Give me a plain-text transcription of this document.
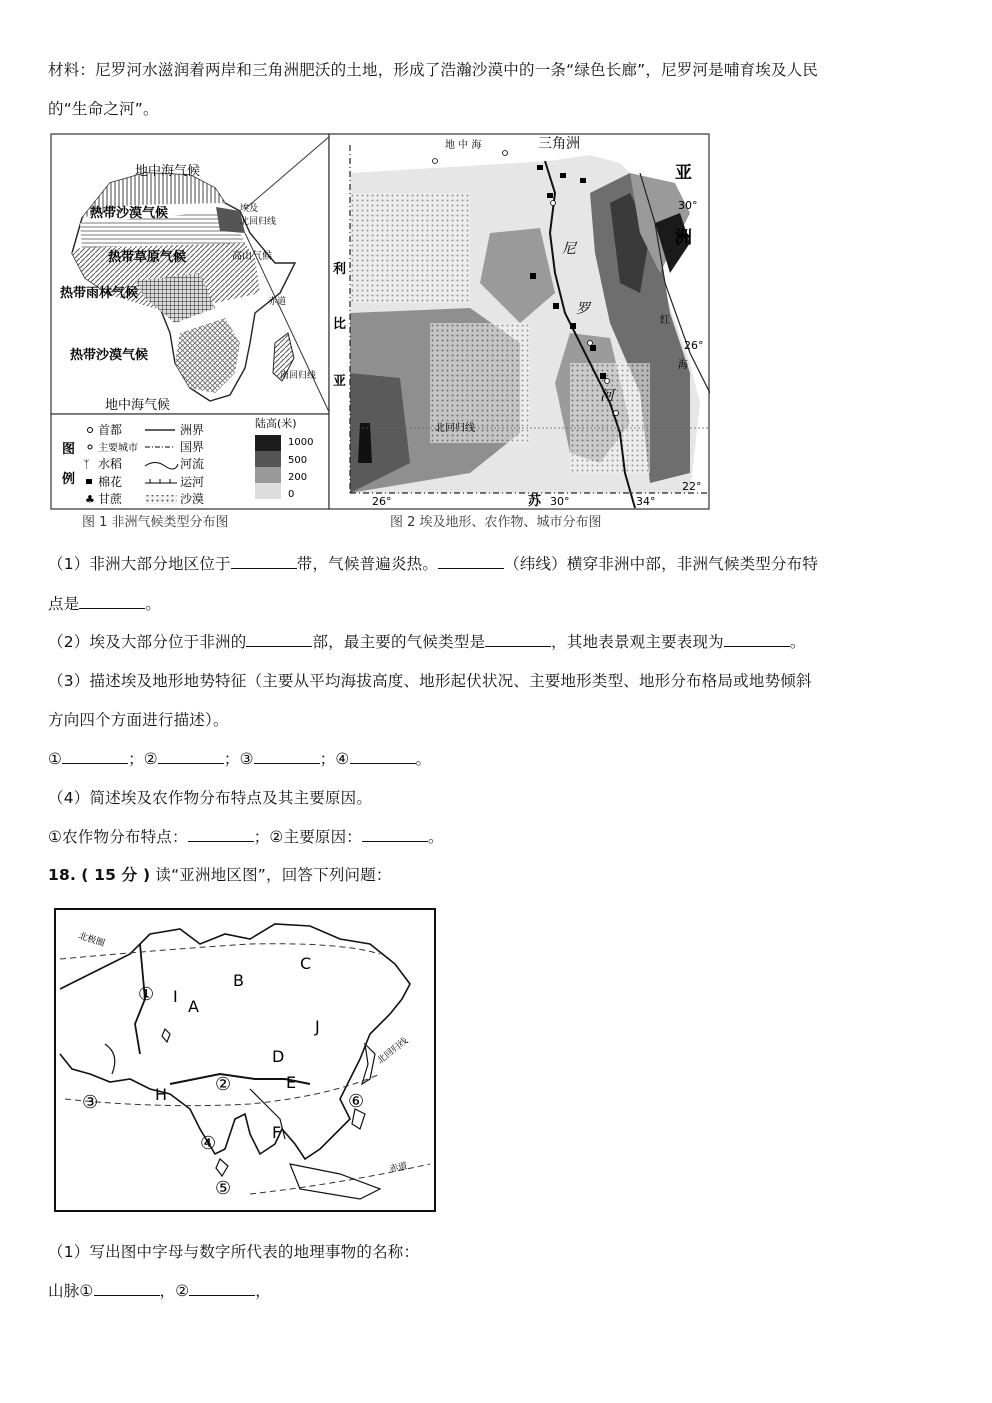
材料：尼罗河水滋润着两岸和三角洲肥沃的土地，形成了浩瀚沙漠中的一条“绿色长廊”，尼罗河是哺育埃及人民
的“生命之河”。
地中海气候
热带沙漠气候
热带草原气候
热带雨林气候
高山气候
热带沙漠气候
地中海气候
埃及
北回归线
赤道
南回归线
图
例
首都
主要城市
ᛉ 水稻
棉花
♣ 甘蔗
洲界
国界
河流
运河
沙漠
陆高(米)
1000
500
200
0
地 中 海	三角洲
亚
洲
利
比
亚
尼
罗
河
红
海
北回归线
苏
30°
26°
22°
26°	30°	34°
图 1 非洲气候类型分布图	图 2 埃及地形、农作物、城市分布图
（1）非洲大部分地区位于	带，气候普遍炎热。	（纬线）横穿非洲中部，非洲气候类型分布特
点是	。
（2）埃及大部分位于非洲的	部，最主要的气候类型是	，其地表景观主要表现为	。
（3）描述埃及地形地势特征（主要从平均海拔高度、地形起伏状况、主要地形类型、地形分布格局或地势倾斜
方向四个方面进行描述）。
①	；②	；③	；④	。
（4）简述埃及农作物分布特点及其主要原因。
①农作物分布特点：	；②主要原因：	。
18. ( 15 分 ) 读“亚洲地区图”，回答下列问题：
北极圈
北回归线
赤道
A
B
C
D
E
F
H
I
J
①
②
③
④
⑤
⑥
（1）写出图中字母与数字所代表的地理事物的名称：
山脉①	，②	，
